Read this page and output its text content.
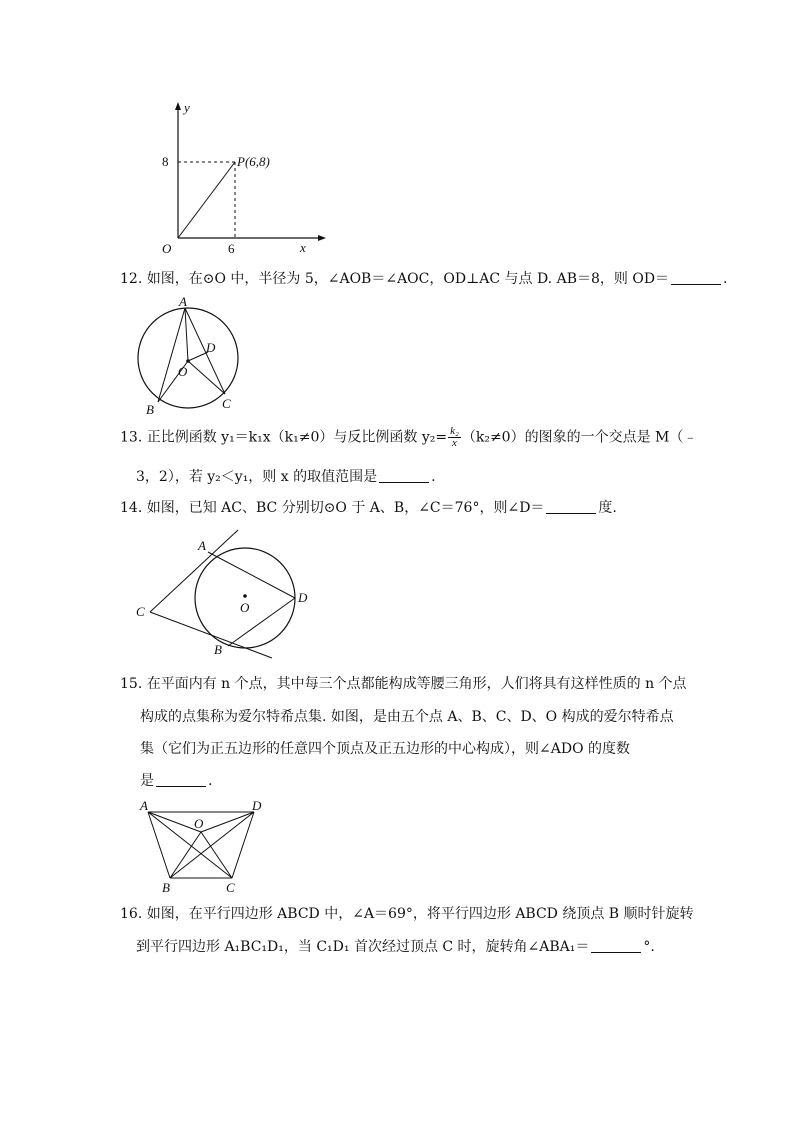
y
x
8
6
O
P(6,8)
12. 如图，在⊙O 中，半径为 5，∠AOB＝∠AOC，OD⊥AC 与点 D. AB＝8，则 OD＝	.
A
B	C
D
O
13. 正比例函数 y₁＝k₁x（k₁≠0）与反比例函数 $y_2= \frac{\text{k₂}}{x} (k_2\ne 0)$的图象的一个交点是 M（﹣
3，2），若 y₂＜y₁，则 x 的取值范围是	.
14. 如图，已知 AC、BC 分别切⊙O 于 A、B，∠C＝76°，则∠D＝	度.
A
B
C
D
O
15. 在平面内有 n 个点，其中每三个点都能构成等腰三角形，人们将具有这样性质的 n 个点
构成的点集称为爱尔特希点集. 如图，是由五个点 A、B、C、D、O 构成的爱尔特希点
集（它们为正五边形的任意四个顶点及正五边形的中心构成），则∠ADO 的度数
是	.
A	D
O
B	C
16. 如图，在平行四边形 ABCD 中，∠A＝69°，将平行四边形 ABCD 绕顶点 B 顺时针旋转
到平行四边形 A₁BC₁D₁，当 C₁D₁ 首次经过顶点 C 时，旋转角∠ABA₁＝	°.
